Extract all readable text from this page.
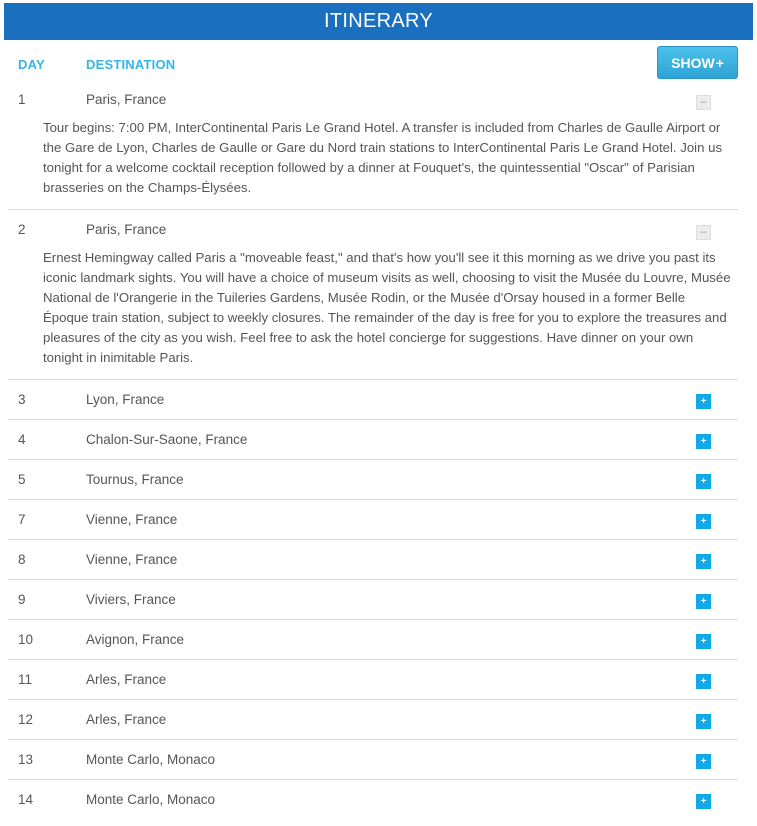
ITINERARY
DAY	DESTINATION	SHOW +
1	Paris, France	–
Tour begins: 7:00 PM, InterContinental Paris Le Grand Hotel. A transfer is included from Charles de Gaulle Airport or the Gare de Lyon, Charles de Gaulle or Gare du Nord train stations to InterContinental Paris Le Grand Hotel. Join us tonight for a welcome cocktail reception followed by a dinner at Fouquet's, the quintessential "Oscar" of Parisian brasseries on the Champs-Élysées.
2	Paris, France	–
Ernest Hemingway called Paris a "moveable feast," and that's how you'll see it this morning as we drive you past its iconic landmark sights. You will have a choice of museum visits as well, choosing to visit the Musée du Louvre, Musée National de l'Orangerie in the Tuileries Gardens, Musée Rodin, or the Musée d'Orsay housed in a former Belle Époque train station, subject to weekly closures. The remainder of the day is free for you to explore the treasures and pleasures of the city as you wish. Feel free to ask the hotel concierge for suggestions. Have dinner on your own tonight in inimitable Paris.
3	Lyon, France	+
4	Chalon-Sur-Saone, France	+
5	Tournus, France	+
7	Vienne, France	+
8	Vienne, France	+
9	Viviers, France	+
10	Avignon, France	+
11	Arles, France	+
12	Arles, France	+
13	Monte Carlo, Monaco	+
14	Monte Carlo, Monaco	+
